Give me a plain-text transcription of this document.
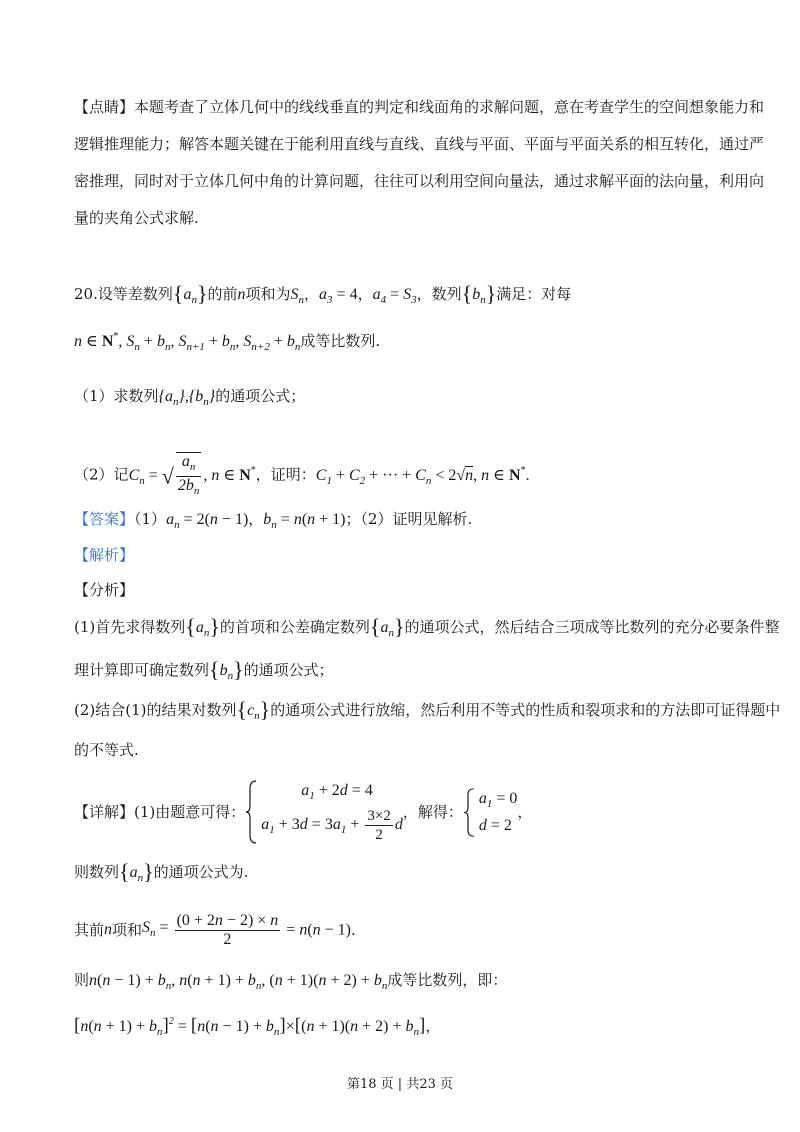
【点睛】本题考查了立体几何中的线线垂直的判定和线面角的求解问题，意在考查学生的空间想象能力和
逻辑推理能力；解答本题关键在于能利用直线与直线、直线与平面、平面与平面关系的相互转化，通过严
密推理，同时对于立体几何中角的计算问题，往往可以利用空间向量法，通过求解平面的法向量，利用向
量的夹角公式求解.
20.设等差数列$\{a_n\}$的前n项和为$S_n$，$a_3 = 4$，$a_4 = S_3$，数列$\{b_n\}$满足：对每
n ∈ N*, $S_n + b_n$, $S_{n+1} + b_n$, $S_{n+2} + b_n$成等比数列.
（1）求数列$\{a_n\},\{b_n\}$的通项公式；
（2）记$C_n$ = √ $\frac{a_n}{2b_n}$ , n ∈ N*，证明：$C_1 + C_2$ + ··· + $C_n < 2√n$, n ∈ N*.
【答案】$(1)a_n = 2(n - 1)$，$b_n = n(n + 1)$；（2）证明见解析.
【解析】
【分析】
(1)首先求得数列$\{a_n\}$的首项和公差确定数列$\{a_n\}$的通项公式，然后结合三项成等比数列的充分必要条件整
理计算即可确定数列$\{b_n\}$的通项公式；
(2)结合(1)的结果对数列$\{c_n\}$的通项公式进行放缩，然后利用不等式的性质和裂项求和的方法即可证得题中
的不等式.
【详解】(1)由题意可得：
$a_1 + 2d = 4$
$a_1 + 3d = 3a_1 + \frac{3\times 2}{2}$ d
，解得：
$a_1 = 0$
d = 2
，
则数列$\{a_n\}$的通项公式为.
其前n项和$S_n = \frac{(0 + 2n - 2) \times n}{2} = n(n - 1)$.
则$n(n - 1) + b_n$, $n(n + 1) + b_n$, $(n + 1)(n + 2) + b_n$成等比数列，即：
$[n(n + 1) + b_n]^2 = [n(n - 1) + b_n]\times[(n + 1)(n + 2) + b_n]$，
第18 页 | 共23 页
